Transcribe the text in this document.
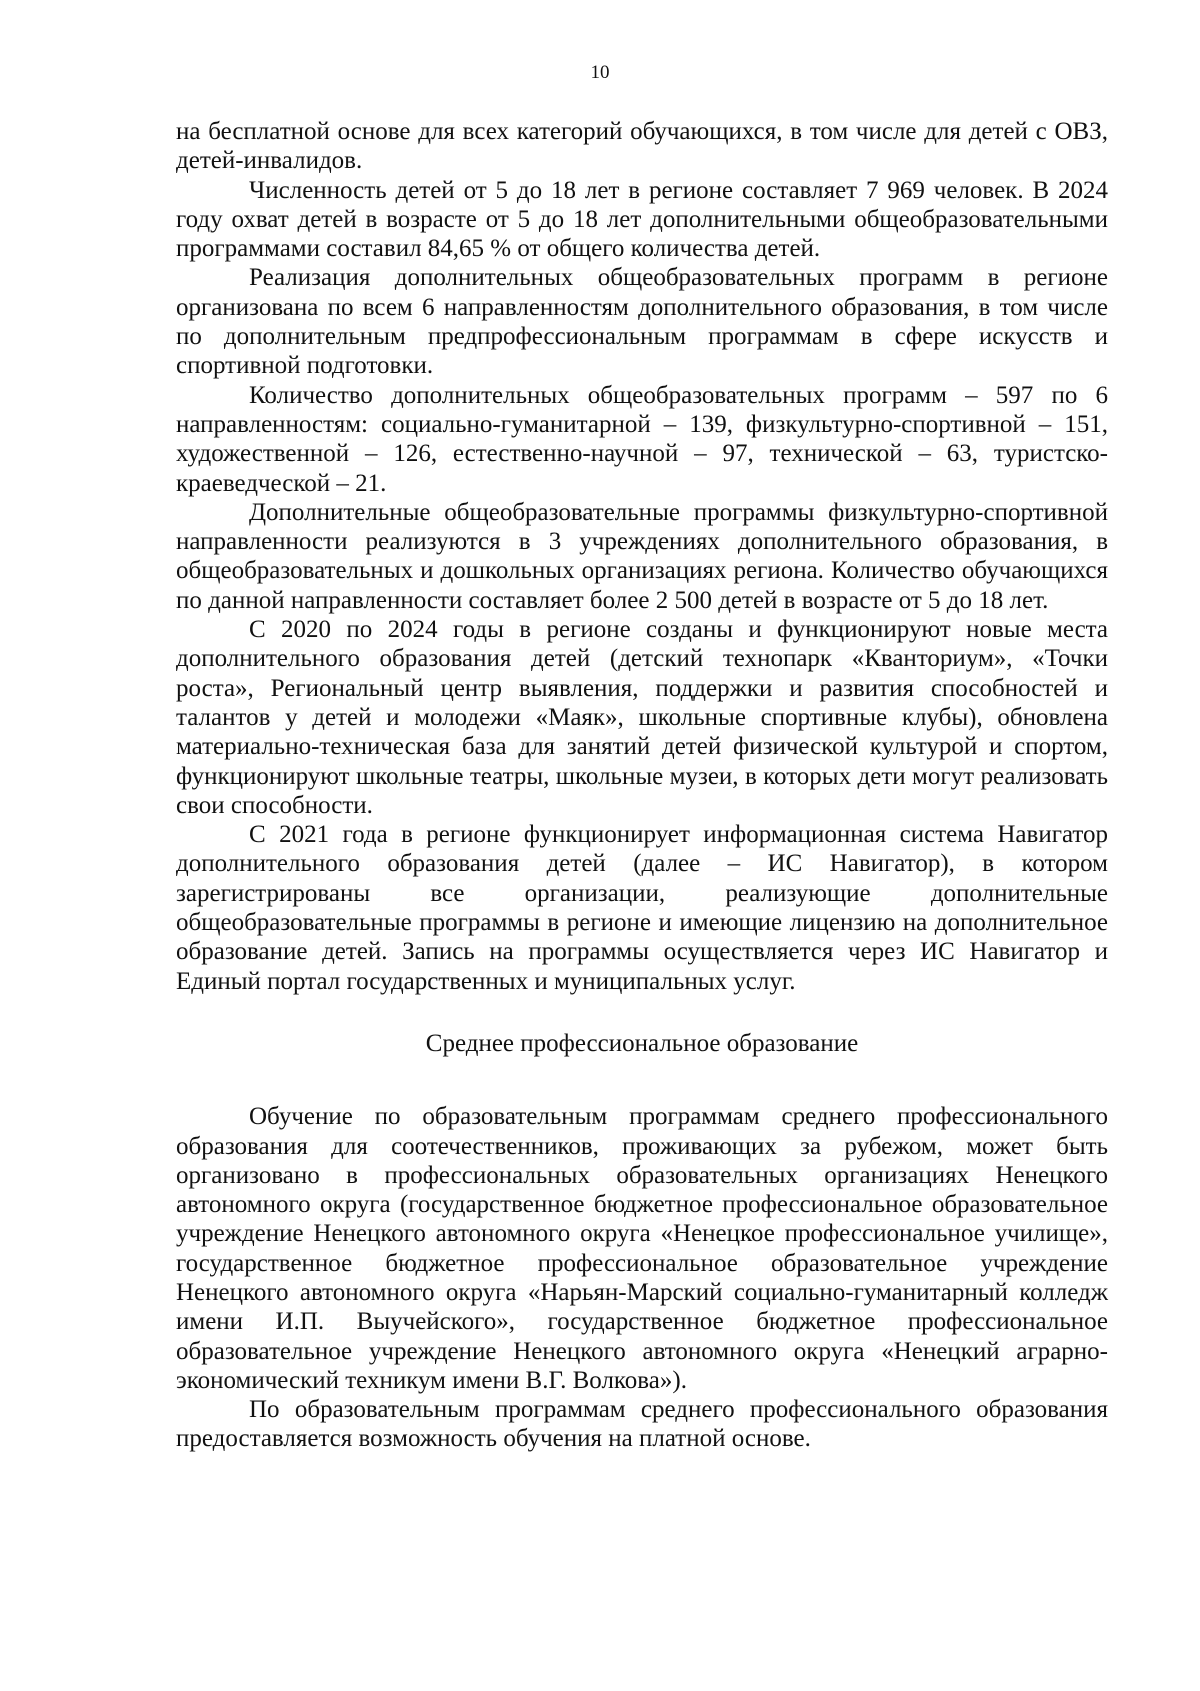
10

на бесплатной основе для всех категорий обучающихся, в том числе для детей с ОВЗ, детей-инвалидов.

Численность детей от 5 до 18 лет в регионе составляет 7 969 человек. В 2024 году охват детей в возрасте от 5 до 18 лет дополнительными общеобразовательными программами составил 84,65 % от общего количества детей.

Реализация дополнительных общеобразовательных программ в регионе организована по всем 6 направленностям дополнительного образования, в том числе по дополнительным предпрофессиональным программам в сфере искусств и спортивной подготовки.

Количество дополнительных общеобразовательных программ – 597 по 6 направленностям: социально-гуманитарной – 139, физкультурно-спортивной – 151, художественной – 126, естественно-научной – 97, технической – 63, туристско-краеведческой – 21.

Дополнительные общеобразовательные программы физкультурно-спортивной направленности реализуются в 3 учреждениях дополнительного образования, в общеобразовательных и дошкольных организациях региона. Количество обучающихся по данной направленности составляет более 2 500 детей в возрасте от 5 до 18 лет.

С 2020 по 2024 годы в регионе созданы и функционируют новые места дополнительного образования детей (детский технопарк «Кванториум», «Точки роста», Региональный центр выявления, поддержки и развития способностей и талантов у детей и молодежи «Маяк», школьные спортивные клубы), обновлена материально-техническая база для занятий детей физической культурой и спортом, функционируют школьные театры, школьные музеи, в которых дети могут реализовать свои способности.

С 2021 года в регионе функционирует информационная система Навигатор дополнительного образования детей (далее – ИС Навигатор), в котором зарегистрированы все организации, реализующие дополнительные общеобразовательные программы в регионе и имеющие лицензию на дополнительное образование детей. Запись на программы осуществляется через ИС Навигатор и Единый портал государственных и муниципальных услуг.

Среднее профессиональное образование

Обучение по образовательным программам среднего профессионального образования для соотечественников, проживающих за рубежом, может быть организовано в профессиональных образовательных организациях Ненецкого автономного округа (государственное бюджетное профессиональное образовательное учреждение Ненецкого автономного округа «Ненецкое профессиональное училище», государственное бюджетное профессиональное образовательное учреждение Ненецкого автономного округа «Нарьян-Марский социально-гуманитарный колледж имени И.П. Выучейского», государственное бюджетное профессиональное образовательное учреждение Ненецкого автономного округа «Ненецкий аграрно-экономический техникум имени В.Г. Волкова»).

По образовательным программам среднего профессионального образования предоставляется возможность обучения на платной основе.
